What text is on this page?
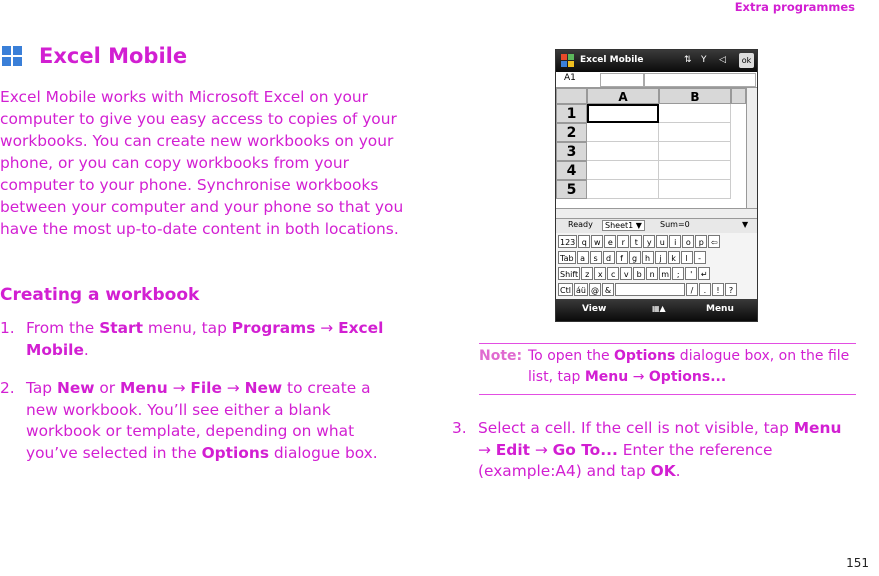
Extra programmes
Excel Mobile
Excel Mobile works with Microsoft Excel on your computer to give you easy access to copies of your workbooks. You can create new workbooks on your phone, or you can copy workbooks from your computer to your phone. Synchronise workbooks between your computer and your phone so that you have the most up-to-date content in both locations.
Creating a workbook
1. From the Start menu, tap Programs → Excel Mobile.
2. Tap New or Menu → File → New to create a new workbook. You’ll see either a blank workbook or template, depending on what you’ve selected in the Options dialogue box.
Excel Mobile	⇅ Y ◁	ok
A1
A	B
1
2
3
4
5
Ready	Sheet1 ▼	Sum=0	▼
123 q w e	r	t	y	u	i	o	p ⇦
Tab a	s	d	f	g h	j	k	l	-
Shift z	x	c	v	b n m ;	'	↵
Ctl áü @ &	/	.	!	?
View	▦▲	Menu
Note: To open the Options dialogue box, on the file list, tap Menu → Options...
3. Select a cell. If the cell is not visible, tap Menu → Edit → Go To... Enter the reference (example:A4) and tap OK.
151
